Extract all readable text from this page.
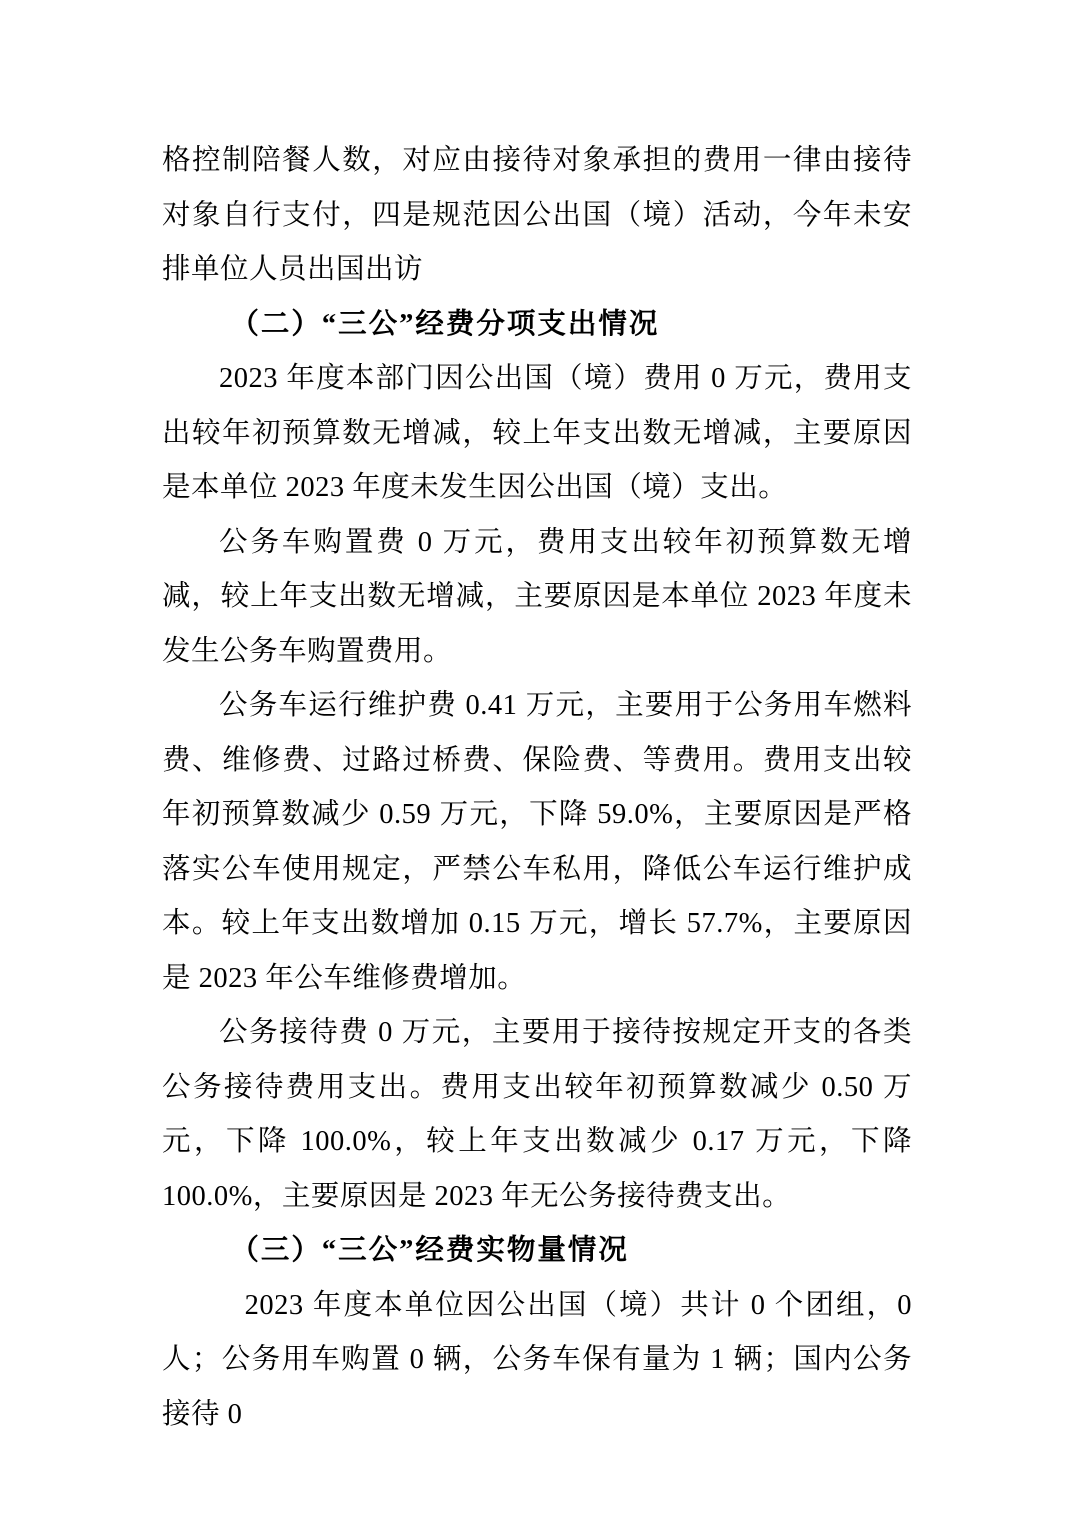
格控制陪餐人数，对应由接待对象承担的费用一律由接待对象自行支付，四是规范因公出国（境）活动，今年未安排单位人员出国出访

（二）“三公”经费分项支出情况

2023 年度本部门因公出国（境）费用 0 万元，费用支出较年初预算数无增减，较上年支出数无增减，主要原因是本单位 2023 年度未发生因公出国（境）支出。

公务车购置费 0 万元，费用支出较年初预算数无增减，较上年支出数无增减，主要原因是本单位 2023 年度未发生公务车购置费用。

公务车运行维护费 0.41 万元，主要用于公务用车燃料费、维修费、过路过桥费、保险费、等费用。费用支出较年初预算数减少 0.59 万元，下降 59.0%，主要原因是严格落实公车使用规定，严禁公车私用，降低公车运行维护成本。较上年支出数增加 0.15 万元，增长 57.7%，主要原因是 2023 年公车维修费增加。

公务接待费 0 万元，主要用于接待按规定开支的各类公务接待费用支出。费用支出较年初预算数减少 0.50 万元，下降 100.0%，较上年支出数减少 0.17 万元，下降 100.0%，主要原因是 2023 年无公务接待费支出。

（三）“三公”经费实物量情况

2023 年度本单位因公出国（境）共计 0 个团组，0 人；公务用车购置 0 辆，公务车保有量为 1 辆；国内公务接待 0
